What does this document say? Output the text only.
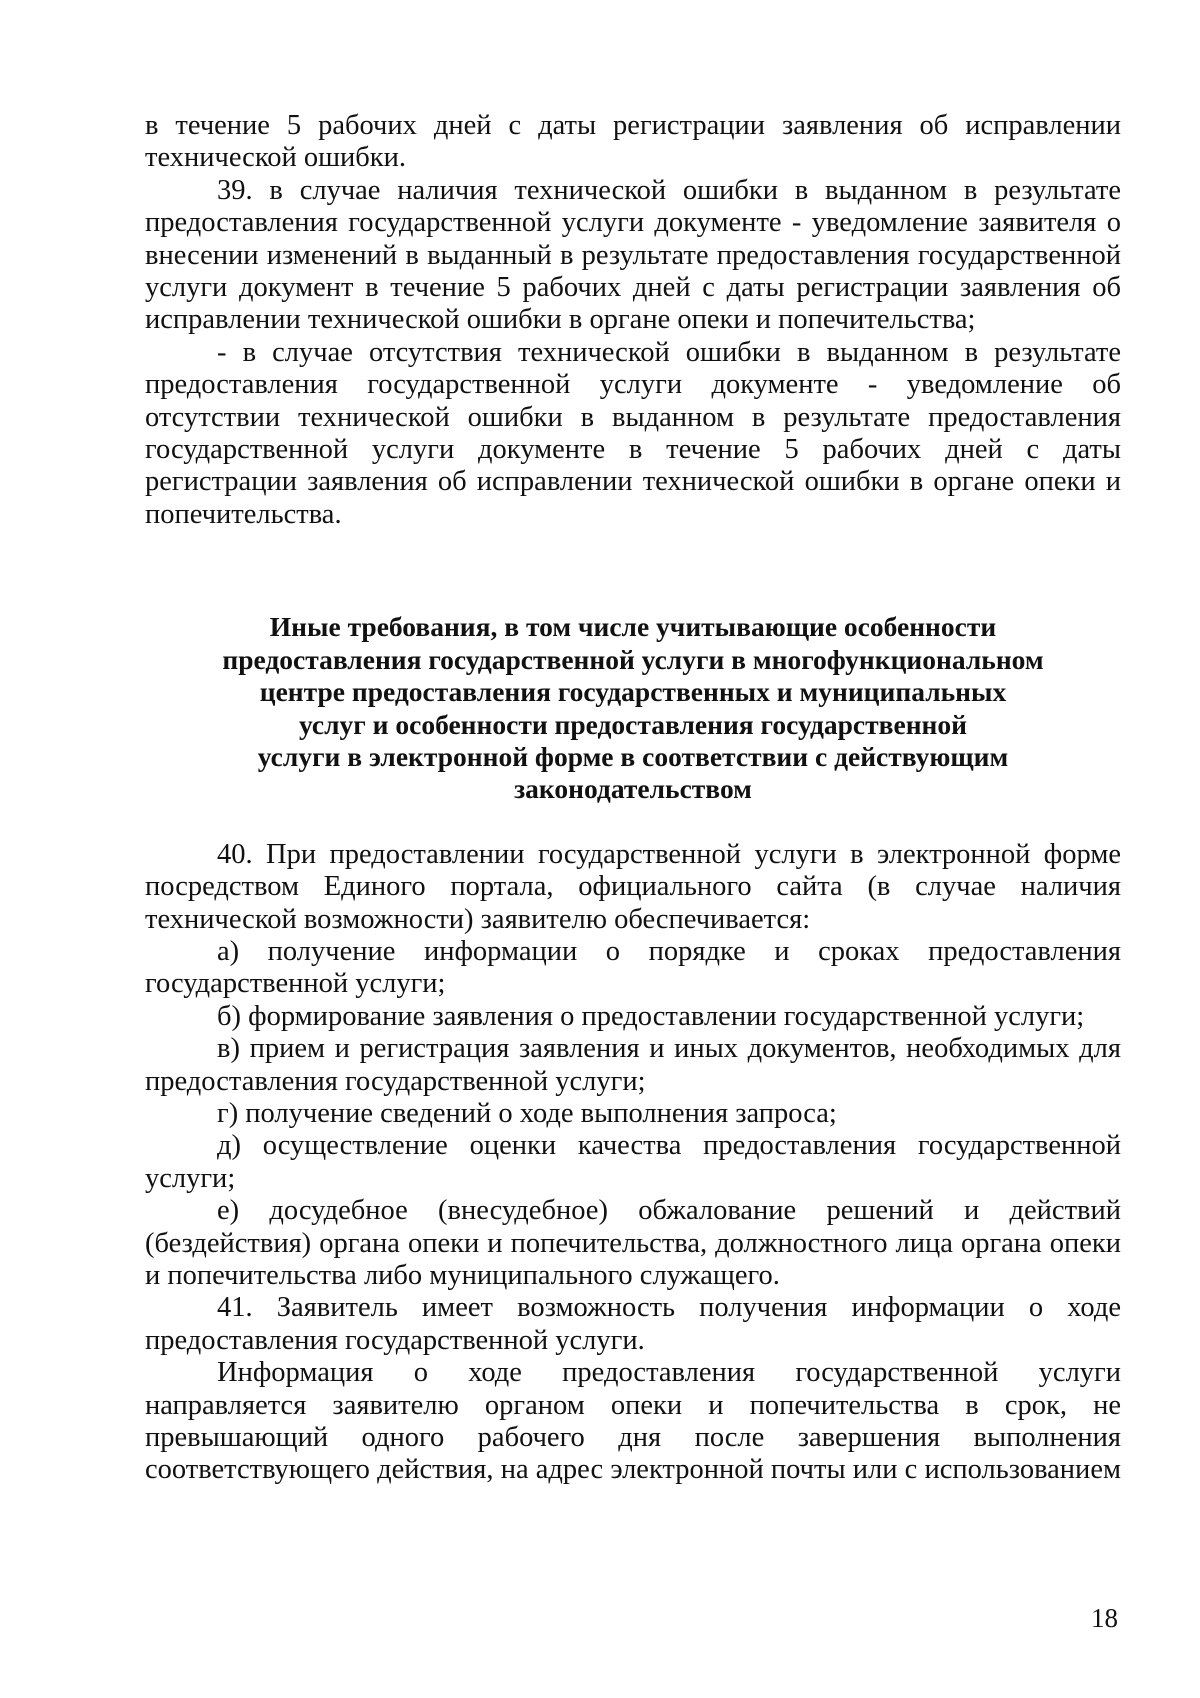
в течение 5 рабочих дней с даты регистрации заявления об исправлении технической ошибки.

39. в случае наличия технической ошибки в выданном в результате предоставления государственной услуги документе - уведомление заявителя о внесении изменений в выданный в результате предоставления государственной услуги документ в течение 5 рабочих дней с даты регистрации заявления об исправлении технической ошибки в органе опеки и попечительства;

- в случае отсутствия технической ошибки в выданном в результате предоставления государственной услуги документе - уведомление об отсутствии технической ошибки в выданном в результате предоставления государственной услуги документе в течение 5 рабочих дней с даты регистрации заявления об исправлении технической ошибки в органе опеки и попечительства.

Иные требования, в том числе учитывающие особенности

предоставления государственной услуги в многофункциональном

центре предоставления государственных и муниципальных

услуг и особенности предоставления государственной

услуги в электронной форме в соответствии с действующим

законодательством

40. При предоставлении государственной услуги в электронной форме посредством Единого портала, официального сайта (в случае наличия технической возможности) заявителю обеспечивается:

а) получение информации о порядке и сроках предоставления государственной услуги;

б) формирование заявления о предоставлении государственной услуги;

в) прием и регистрация заявления и иных документов, необходимых для предоставления государственной услуги;

г) получение сведений о ходе выполнения запроса;

д) осуществление оценки качества предоставления государственной услуги;

е) досудебное (внесудебное) обжалование решений и действий (бездействия) органа опеки и попечительства, должностного лица органа опеки и попечительства либо муниципального служащего.

41. Заявитель имеет возможность получения информации о ходе предоставления государственной услуги.

Информация о ходе предоставления государственной услуги направляется заявителю органом опеки и попечительства в срок, не превышающий одного рабочего дня после завершения выполнения соответствующего действия, на адрес электронной почты или с использованием

18
